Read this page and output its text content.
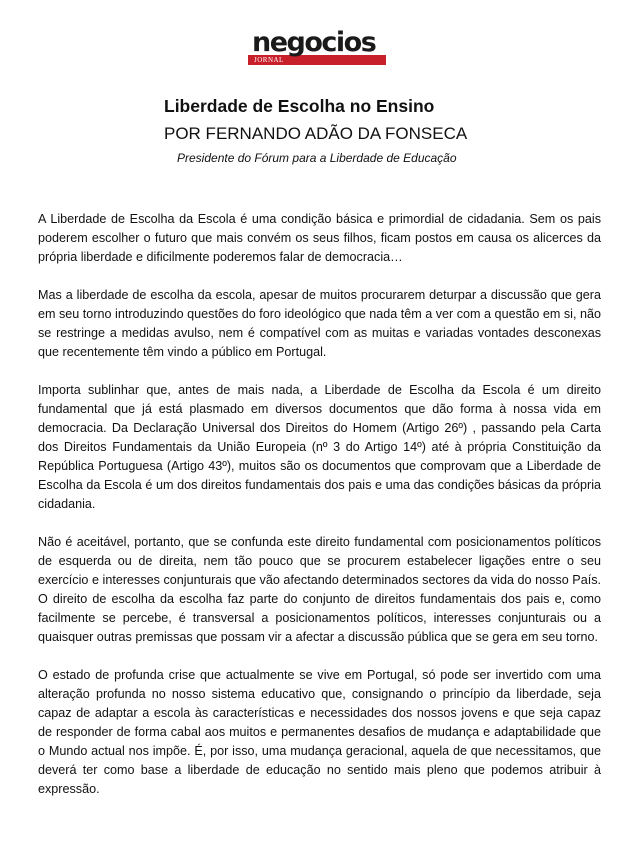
negocios
JORNAL
Liberdade de Escolha no Ensino
POR FERNANDO ADÃO DA FONSECA
Presidente do Fórum para a Liberdade de Educação

A Liberdade de Escolha da Escola é uma condição básica e primordial de cidadania. Sem os pais poderem escolher o futuro que mais convém os seus filhos, ficam postos em causa os alicerces da própria liberdade e dificilmente poderemos falar de democracia…

Mas a liberdade de escolha da escola, apesar de muitos procurarem deturpar a discussão que gera em seu torno introduzindo questões do foro ideológico que nada têm a ver com a questão em si, não se restringe a medidas avulso, nem é compatível com as muitas e variadas vontades desconexas que recentemente têm vindo a público em Portugal.

Importa sublinhar que, antes de mais nada, a Liberdade de Escolha da Escola é um direito fundamental que já está plasmado em diversos documentos que dão forma à nossa vida em democracia. Da Declaração Universal dos Direitos do Homem (Artigo 26º) , passando pela Carta dos Direitos Fundamentais da União Europeia (nº 3 do Artigo 14º) até à própria Constituição da República Portuguesa (Artigo 43º), muitos são os documentos que comprovam que a Liberdade de Escolha da Escola é um dos direitos fundamentais dos pais e uma das condições básicas da própria cidadania.

Não é aceitável, portanto, que se confunda este direito fundamental com posicionamentos políticos de esquerda ou de direita, nem tão pouco que se procurem estabelecer ligações entre o seu exercício e interesses conjunturais que vão afectando determinados sectores da vida do nosso País. O direito de escolha da escolha faz parte do conjunto de direitos fundamentais dos pais e, como facilmente se percebe, é transversal a posicionamentos políticos, interesses conjunturais ou a quaisquer outras premissas que possam vir a afectar a discussão pública que se gera em seu torno.

O estado de profunda crise que actualmente se vive em Portugal, só pode ser invertido com uma alteração profunda no nosso sistema educativo que, consignando o princípio da liberdade, seja capaz de adaptar a escola às características e necessidades dos nossos jovens e que seja capaz de responder de forma cabal aos muitos e permanentes desafios de mudança e adaptabilidade que o Mundo actual nos impõe. É, por isso, uma mudança geracional, aquela de que necessitamos, que deverá ter como base a liberdade de educação no sentido mais pleno que podemos atribuir à expressão.
